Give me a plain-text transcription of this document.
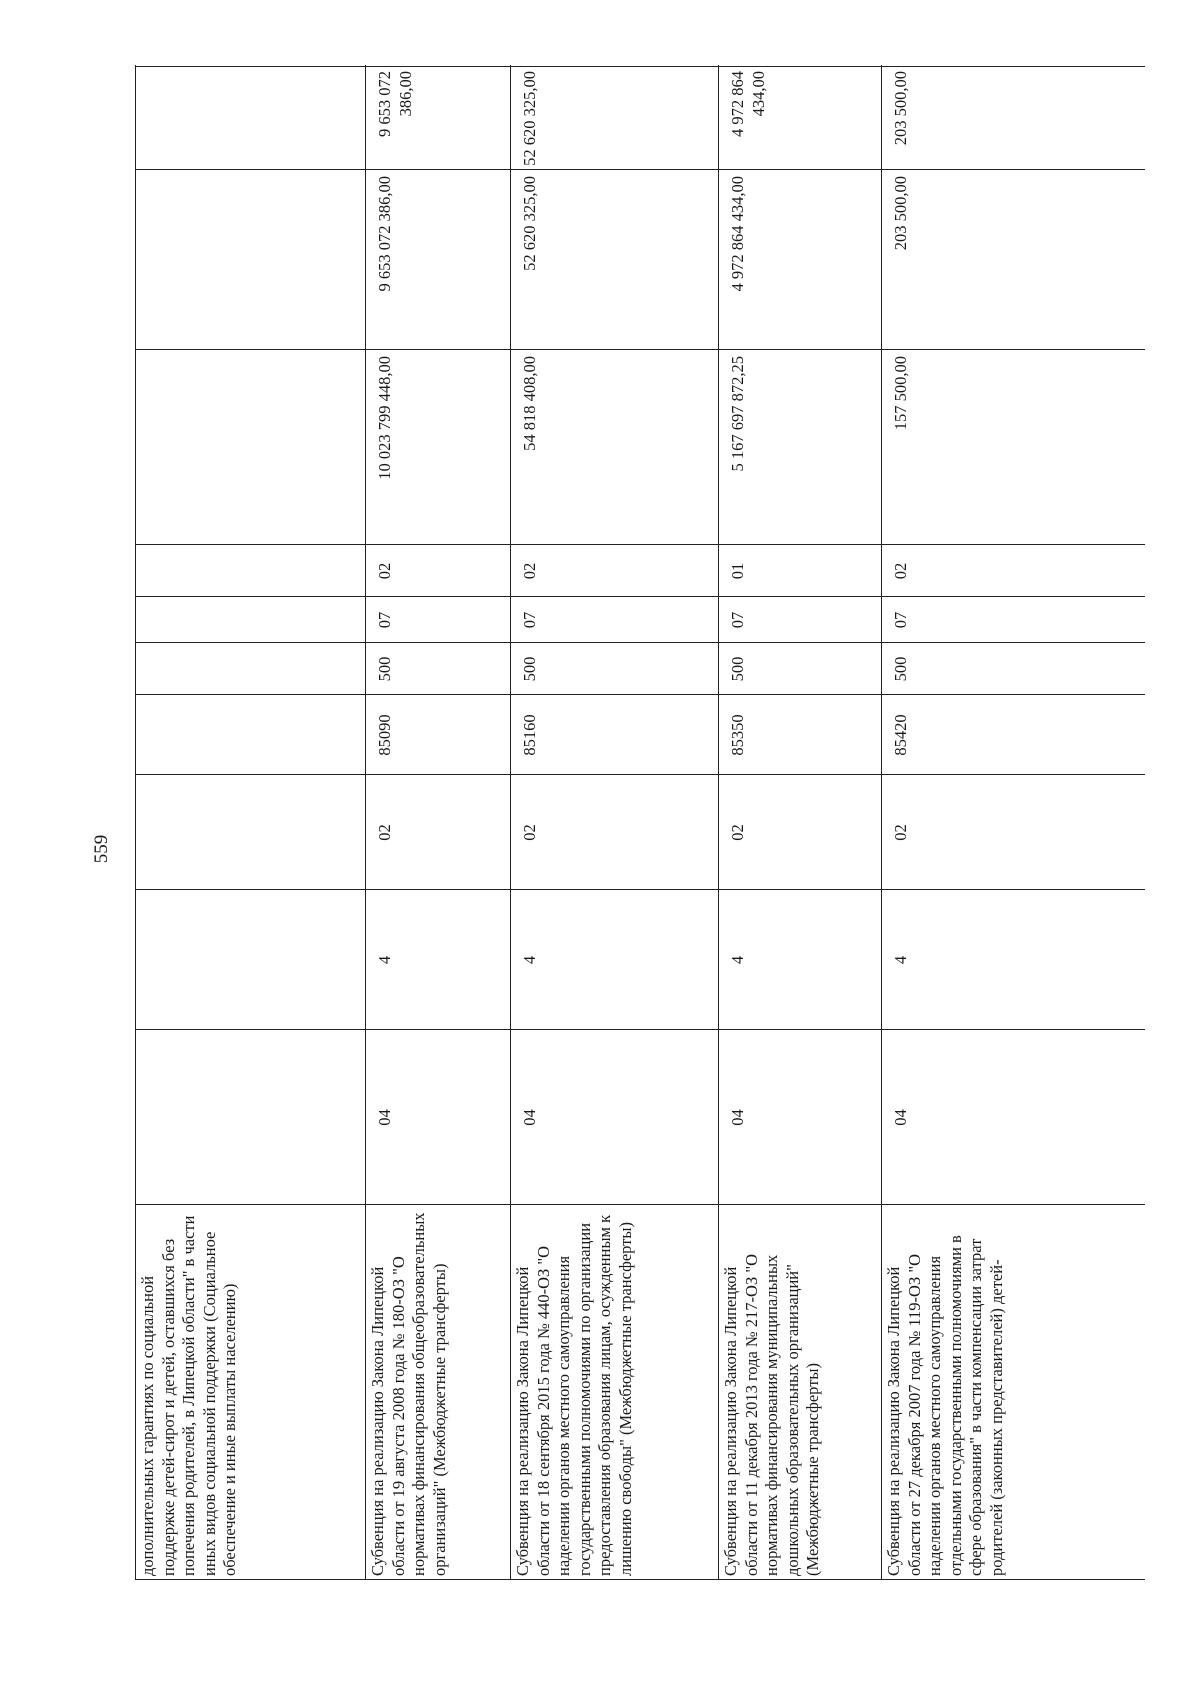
559
дополнительных гарантиях по социальной поддержке детей-сирот и детей, оставшихся без попечения родителей, в Липецкой области" в части иных видов социальной поддержки (Социальное обеспечение и иные выплаты населению)	Субвенция на реализацию Закона Липецкой области от 19 августа 2008 года № 180-ОЗ "О нормативах финансирования общеобразовательных организаций" (Межбюджетные трансферты)
04
4
02
85090
500
07
02
10 023 799 448,00
9 653 072 386,00
9 653 072 386,00
Субвенция на реализацию Закона Липецкой области от 18 сентября 2015 года № 440-ОЗ "О наделении органов местного самоуправления государственными полномочиями по организации предоставления образования лицам, осужденным к лишению свободы" (Межбюджетные трансферты)
04
4
02
85160
500
07
02
54 818 408,00
52 620 325,00
52 620 325,00
Субвенция на реализацию Закона Липецкой области от 11 декабря 2013 года № 217-ОЗ "О нормативах финансирования муниципальных дошкольных образовательных организаций" (Межбюджетные трансферты)
04
4
02
85350
500
07
01
5 167 697 872,25
4 972 864 434,00
4 972 864 434,00
Субвенция на реализацию Закона Липецкой области от 27 декабря 2007 года № 119-ОЗ "О наделении органов местного самоуправления отдельными государственными полномочиями в сфере образования" в части компенсации затрат родителей (законных представителей) детей-
04
4
02
85420
500
07
02
157 500,00
203 500,00
203 500,00
